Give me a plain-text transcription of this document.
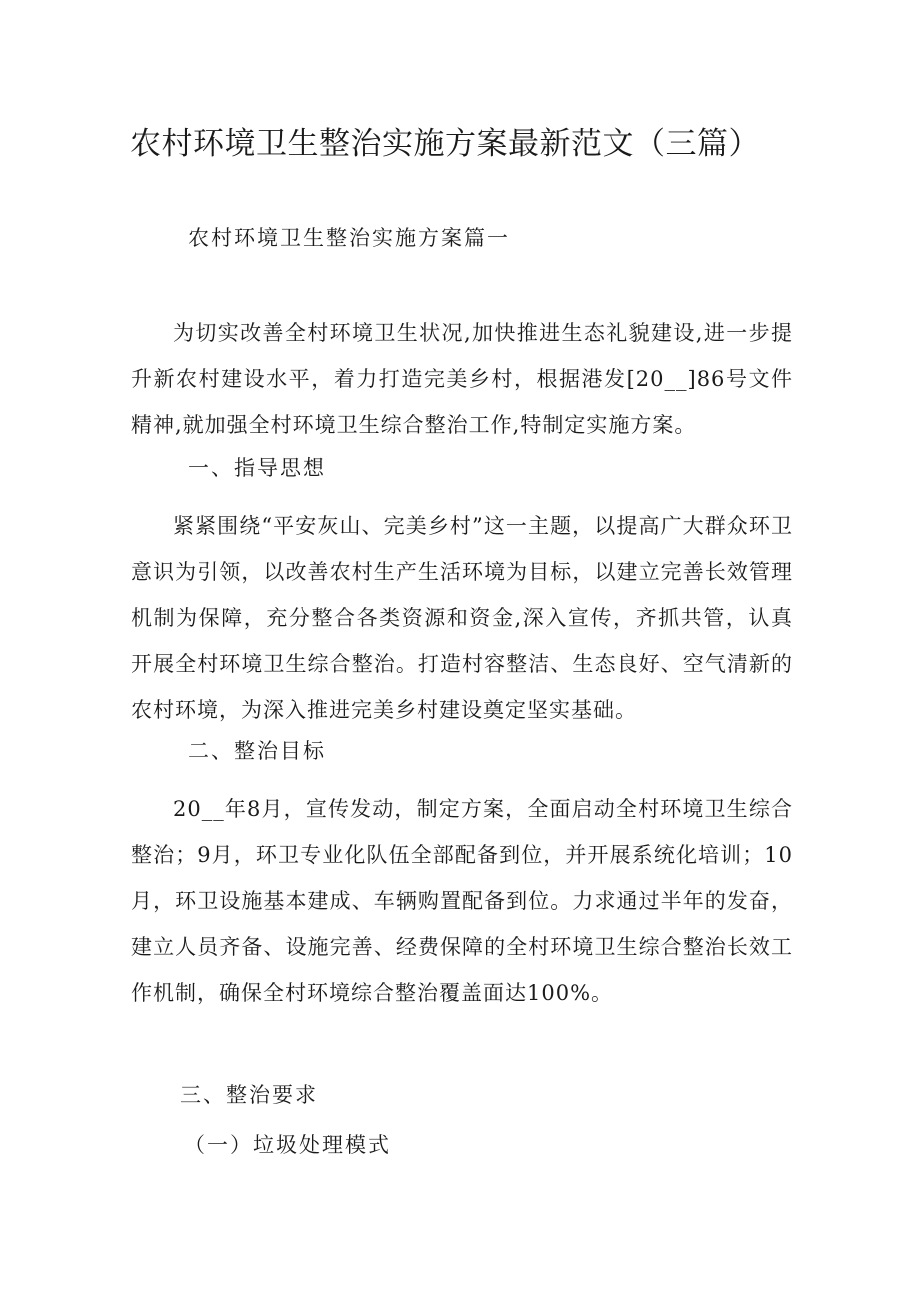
农村环境卫生整治实施方案最新范文（三篇）
农村环境卫生整治实施方案篇一
为切实改善全村环境卫生状况,加快推进生态礼貌建设,进一步提升新农村建设水平，着力打造完美乡村，根据港发[20__]86号文件精神,就加强全村环境卫生综合整治工作,特制定实施方案。
一、指导思想
紧紧围绕“平安灰山、完美乡村”这一主题，以提高广大群众环卫意识为引领，以改善农村生产生活环境为目标，以建立完善长效管理机制为保障，充分整合各类资源和资金,深入宣传，齐抓共管，认真开展全村环境卫生综合整治。打造村容整洁、生态良好、空气清新的农村环境，为深入推进完美乡村建设奠定坚实基础。
二、整治目标
20__年8月，宣传发动，制定方案，全面启动全村环境卫生综合整治；9月，环卫专业化队伍全部配备到位，并开展系统化培训；10月，环卫设施基本建成、车辆购置配备到位。力求通过半年的发奋，建立人员齐备、设施完善、经费保障的全村环境卫生综合整治长效工作机制，确保全村环境综合整治覆盖面达100%。
三、整治要求
（一）垃圾处理模式
